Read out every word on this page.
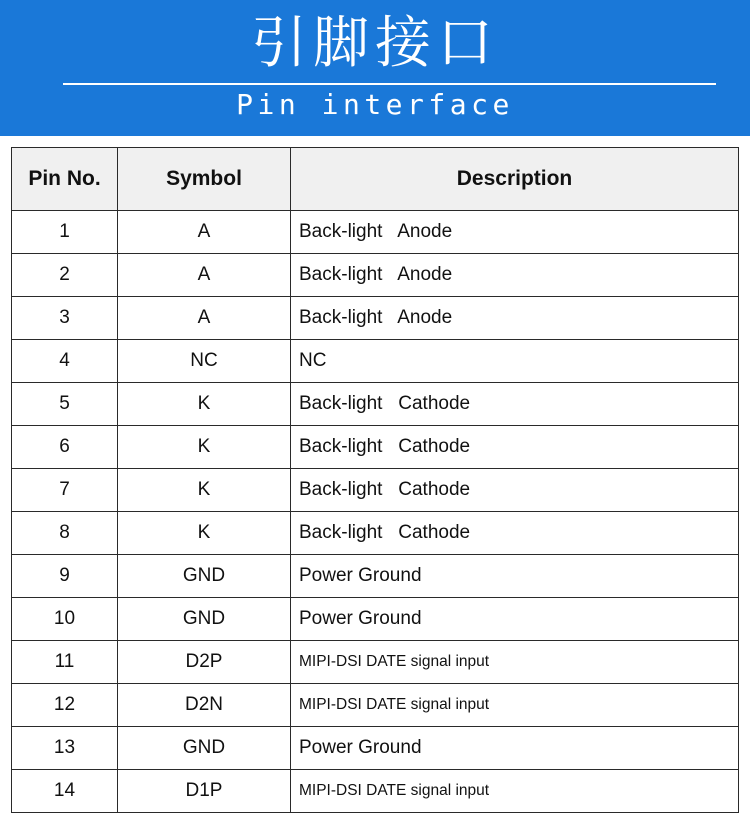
引脚接口
Pin interface
Pin No.	Symbol	Description
1	A	Back-light   Anode
2	A	Back-light   Anode
3	A	Back-light   Anode
4	NC	NC
5	K	Back-light   Cathode
6	K	Back-light   Cathode
7	K	Back-light   Cathode
8	K	Back-light   Cathode
9	GND	Power Ground
10	GND	Power Ground
11	D2P	MIPI-DSI DATE signal input
12	D2N	MIPI-DSI DATE signal input
13	GND	Power Ground
14	D1P	MIPI-DSI DATE signal input
